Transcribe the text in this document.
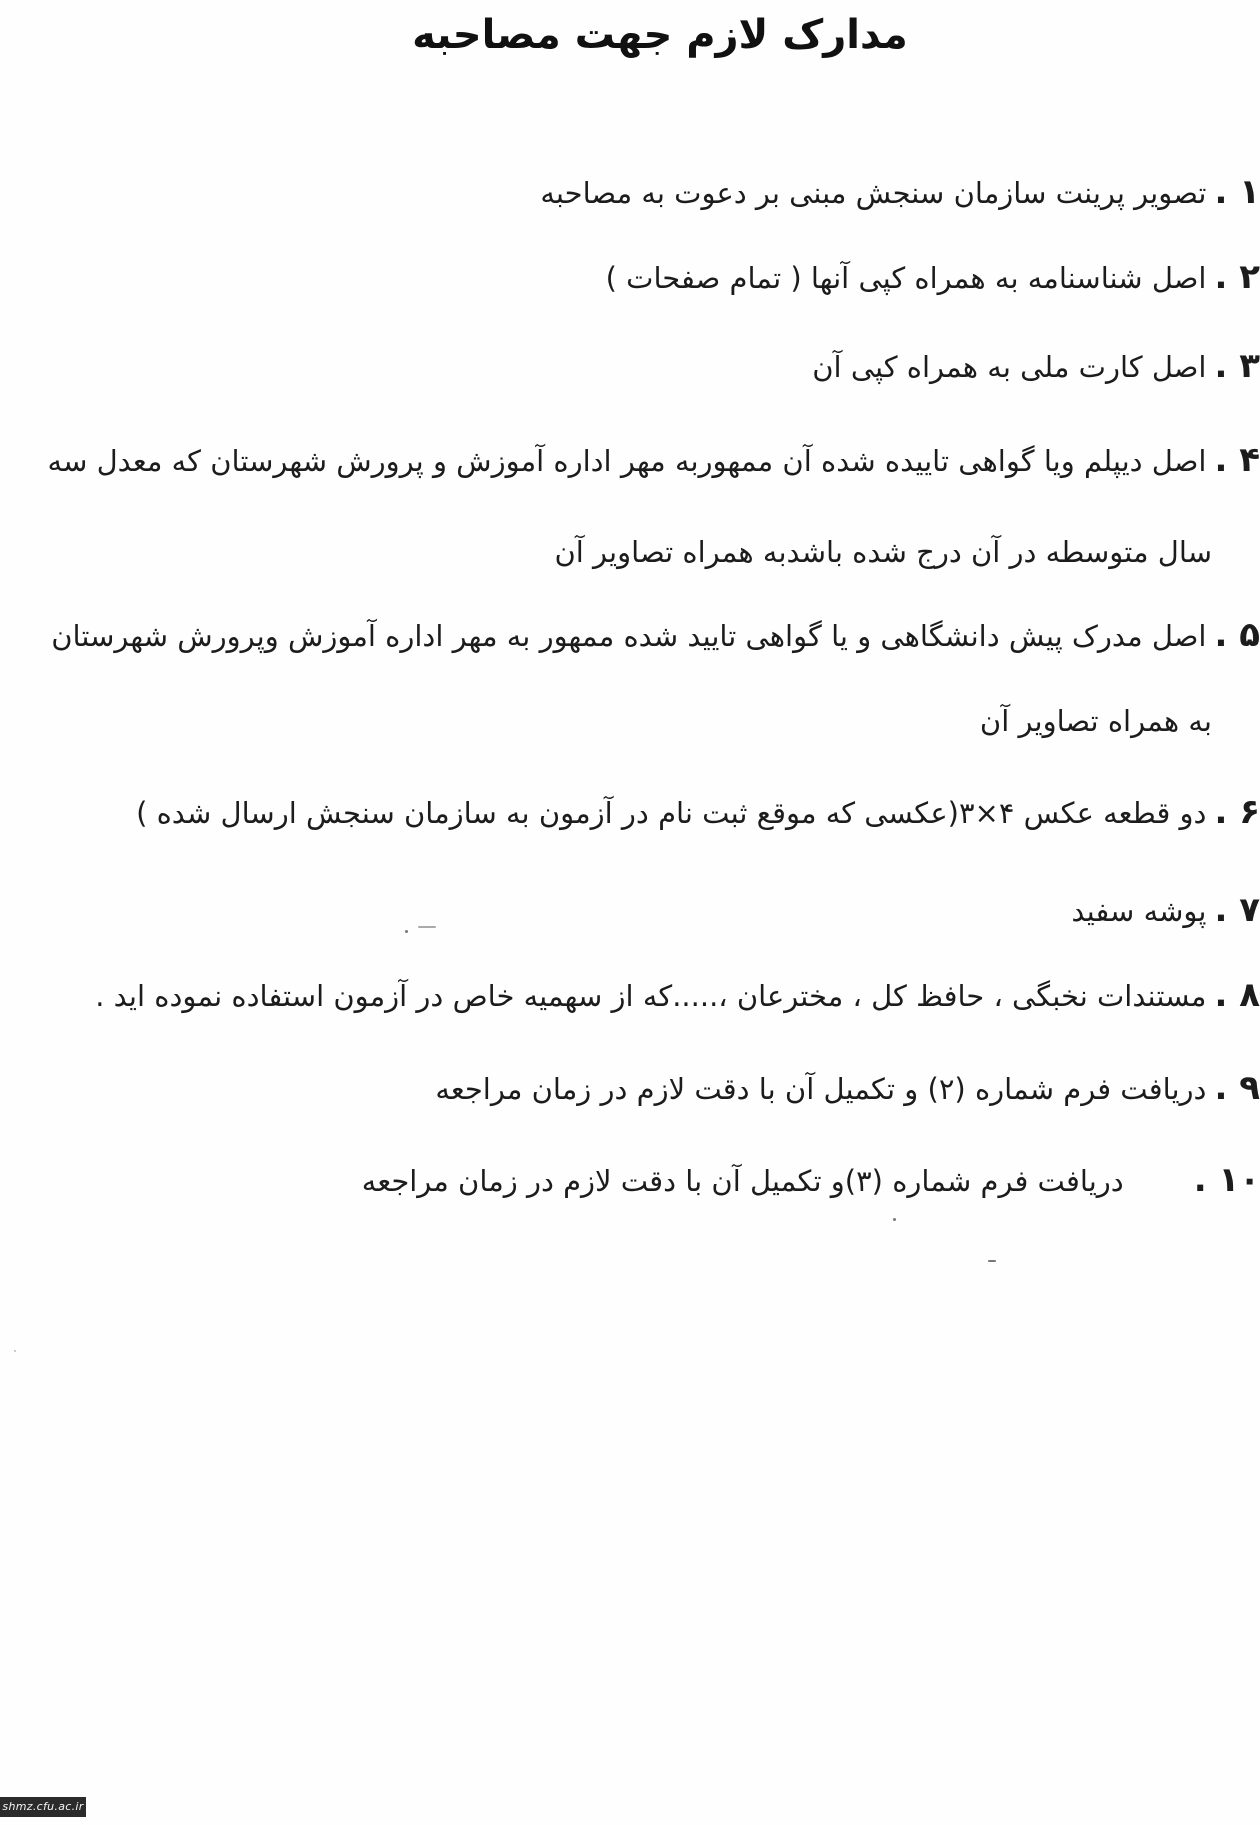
مدارک لازم جهت مصاحبه
۱ .تصویر پرینت سازمان سنجش مبنی بر دعوت به مصاحبه
۲ .اصل شناسنامه به همراه کپی آنها ( تمام صفحات )
۳ .اصل کارت ملی به همراه کپی آن
۴ .اصل دیپلم ویا گواهی تاییده شده آن ممهوربه مهر اداره آموزش و پرورش شهرستان که معدل سه
سال متوسطه در آن درج شده باشدبه همراه تصاویر آن
۵ .اصل مدرک پیش دانشگاهی و یا گواهی تایید شده ممهور به مهر اداره آموزش وپرورش شهرستان
به همراه تصاویر آن
۶ .دو قطعه عکس ۴×۳(عکسی که موقع ثبت نام در آزمون به سازمان سنجش ارسال شده )
۷ .پوشه سفید
۸ .مستندات نخبگی ، حافظ کل ، مخترعان ،.....که از سهمیه خاص در آزمون استفاده نموده اید .
۹ .دریافت فرم شماره (۲) و تکمیل آن با دقت لازم در زمان مراجعه
۱۰ .دریافت فرم شماره (۳)و تکمیل آن با دقت لازم در زمان مراجعه
shmz.cfu.ac.ir
